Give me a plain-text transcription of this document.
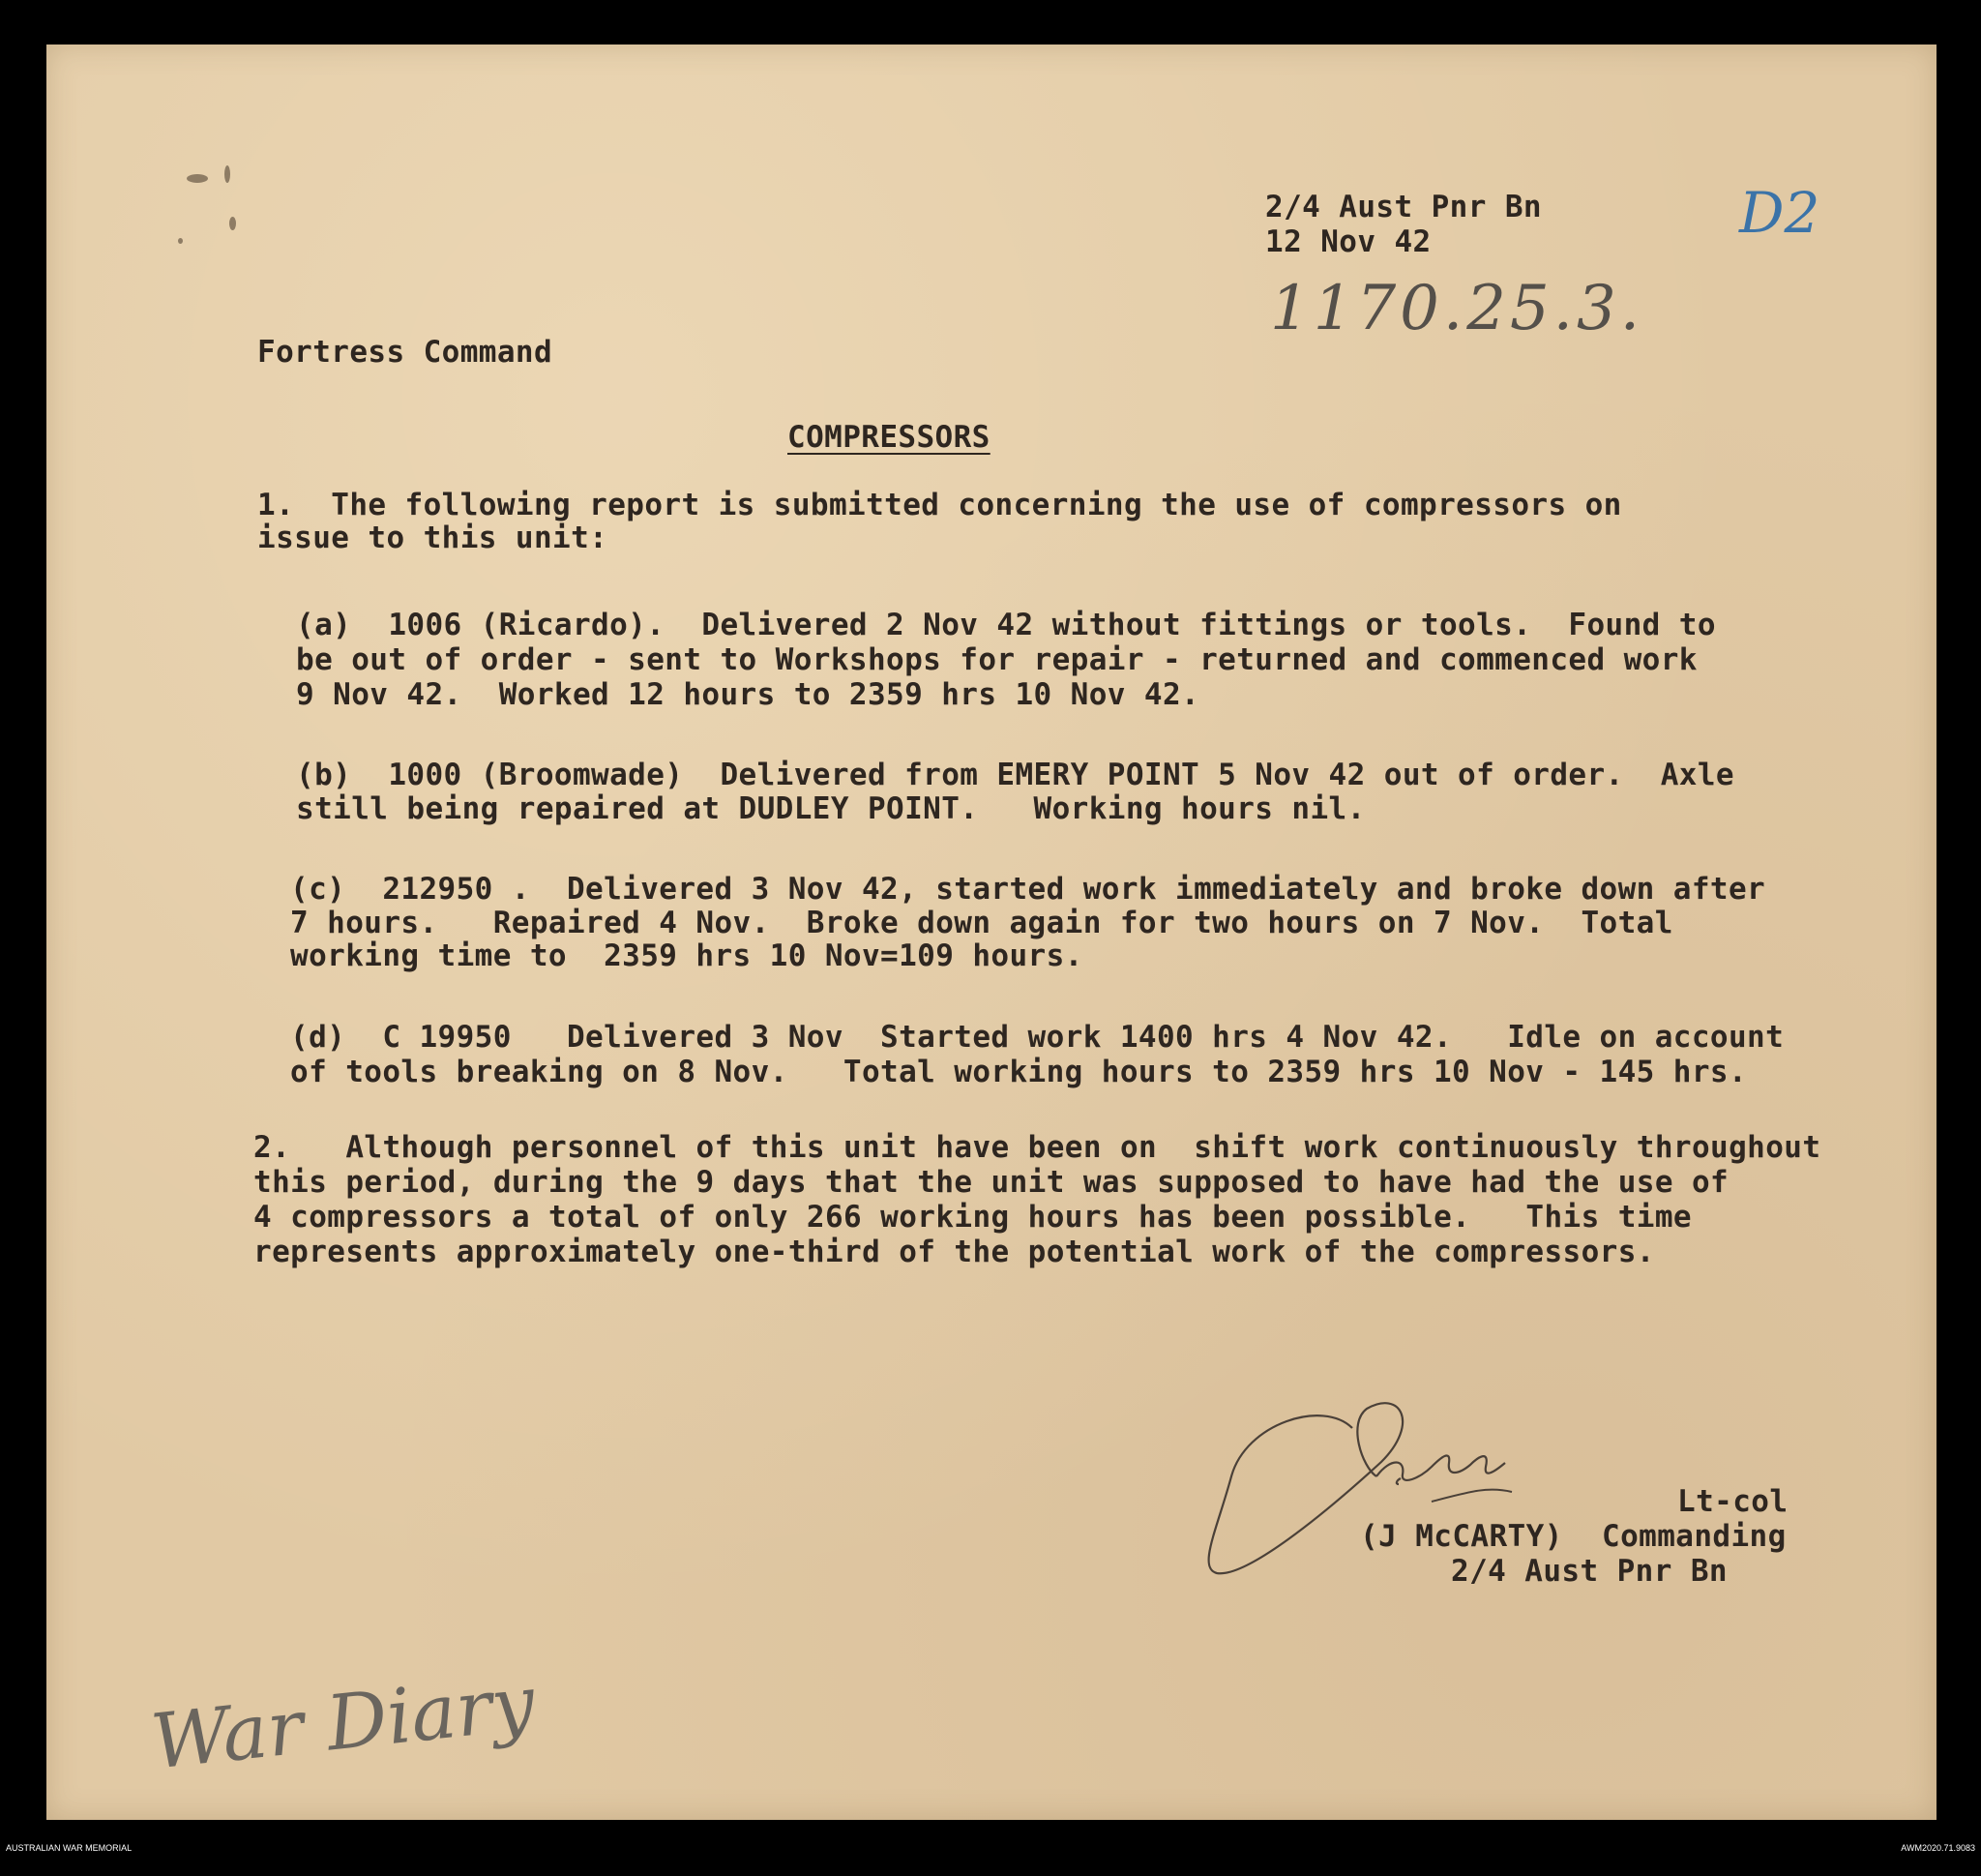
2/4 Aust Pnr Bn
12 Nov 42	D2
1170.25.3.
Fortress Command
COMPRESSORS
1.  The following report is submitted concerning the use of compressors on
issue to this unit:
(a)  1006 (Ricardo).  Delivered 2 Nov 42 without fittings or tools.  Found to
be out of order - sent to Workshops for repair - returned and commenced work
9 Nov 42.  Worked 12 hours to 2359 hrs 10 Nov 42.
(b)  1000 (Broomwade)  Delivered from EMERY POINT 5 Nov 42 out of order.  Axle
still being repaired at DUDLEY POINT.   Working hours nil.
(c)  212950 .  Delivered 3 Nov 42, started work immediately and broke down after
7 hours.   Repaired 4 Nov.  Broke down again for two hours on 7 Nov.  Total
working time to  2359 hrs 10 Nov=109 hours.
(d)  C 19950   Delivered 3 Nov  Started work 1400 hrs 4 Nov 42.   Idle on account
of tools breaking on 8 Nov.   Total working hours to 2359 hrs 10 Nov - 145 hrs.
2.   Although personnel of this unit have been on  shift work continuously throughout
this period, during the 9 days that the unit was supposed to have had the use of
4 compressors a total of only 266 working hours has been possible.   This time
represents approximately one-third of the potential work of the compressors.
Lt-col
(J McCARTY) Commanding
2/4 Aust Pnr Bn
War Diary
AUSTRALIAN WAR MEMORIAL	AWM2020.71.9083
